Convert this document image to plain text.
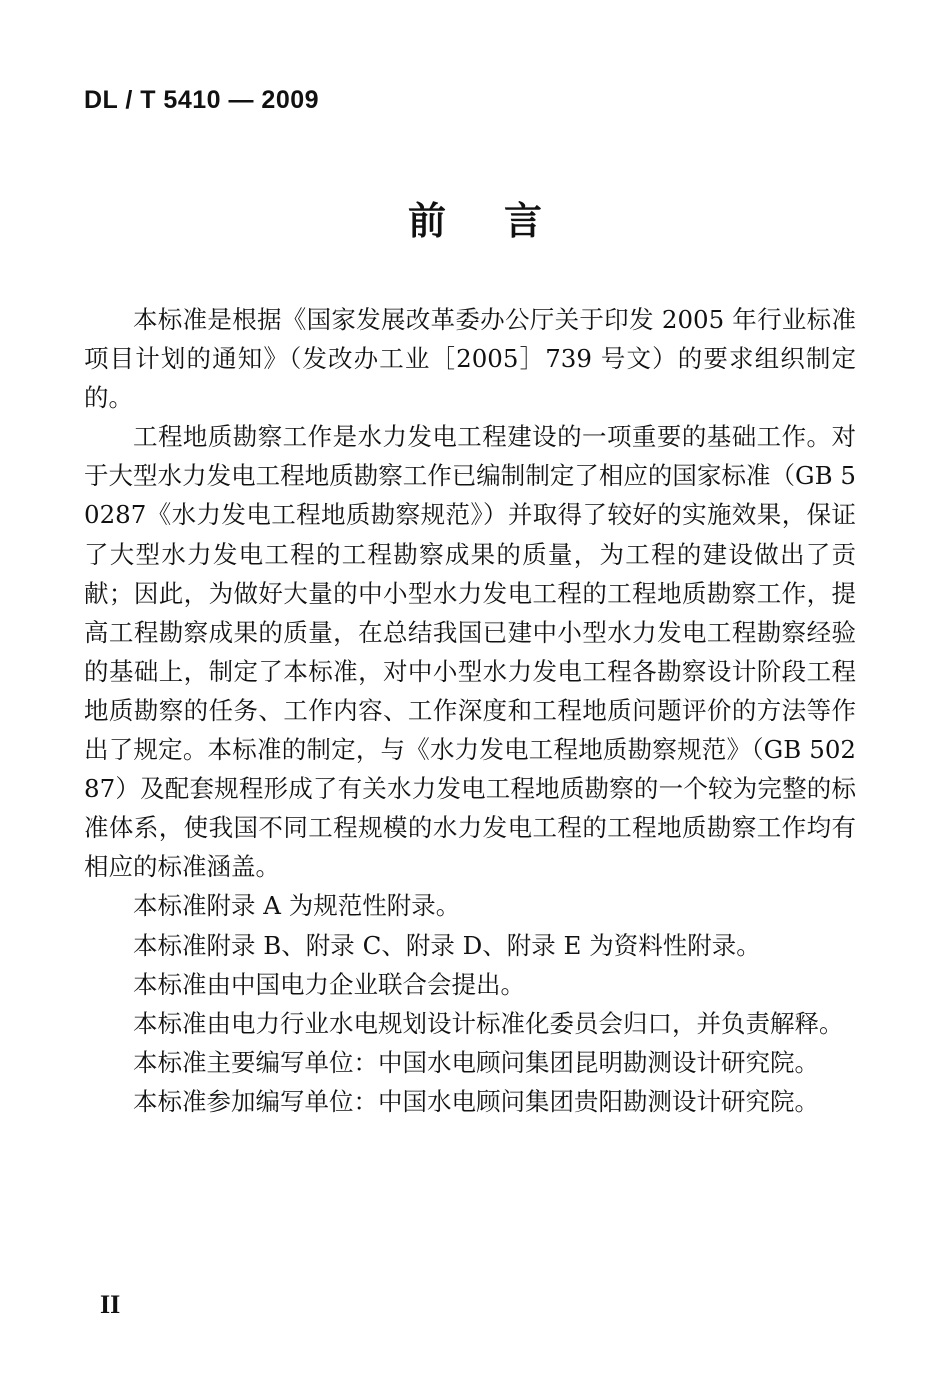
DL / T 5410 — 2009
前言

本标准是根据《国家发展改革委办公厅关于印发 2005 年行业标准项目计划的通知》（发改办工业［2005］739 号文）的要求组织制定的。

工程地质勘察工作是水力发电工程建设的一项重要的基础工作。对于大型水力发电工程地质勘察工作已编制制定了相应的国家标准（GB 50287《水力发电工程地质勘察规范》）并取得了较好的实施效果，保证了大型水力发电工程的工程勘察成果的质量，为工程的建设做出了贡献；因此，为做好大量的中小型水力发电工程的工程地质勘察工作，提高工程勘察成果的质量，在总结我国已建中小型水力发电工程勘察经验的基础上，制定了本标准，对中小型水力发电工程各勘察设计阶段工程地质勘察的任务、工作内容、工作深度和工程地质问题评价的方法等作出了规定。本标准的制定，与《水力发电工程地质勘察规范》（GB 50287）及配套规程形成了有关水力发电工程地质勘察的一个较为完整的标准体系，使我国不同工程规模的水力发电工程的工程地质勘察工作均有相应的标准涵盖。

本标准附录 A 为规范性附录。

本标准附录 B、附录 C、附录 D、附录 E 为资料性附录。

本标准由中国电力企业联合会提出。

本标准由电力行业水电规划设计标准化委员会归口，并负责解释。

本标准主要编写单位：中国水电顾问集团昆明勘测设计研究院。

本标准参加编写单位：中国水电顾问集团贵阳勘测设计研究院。

II
